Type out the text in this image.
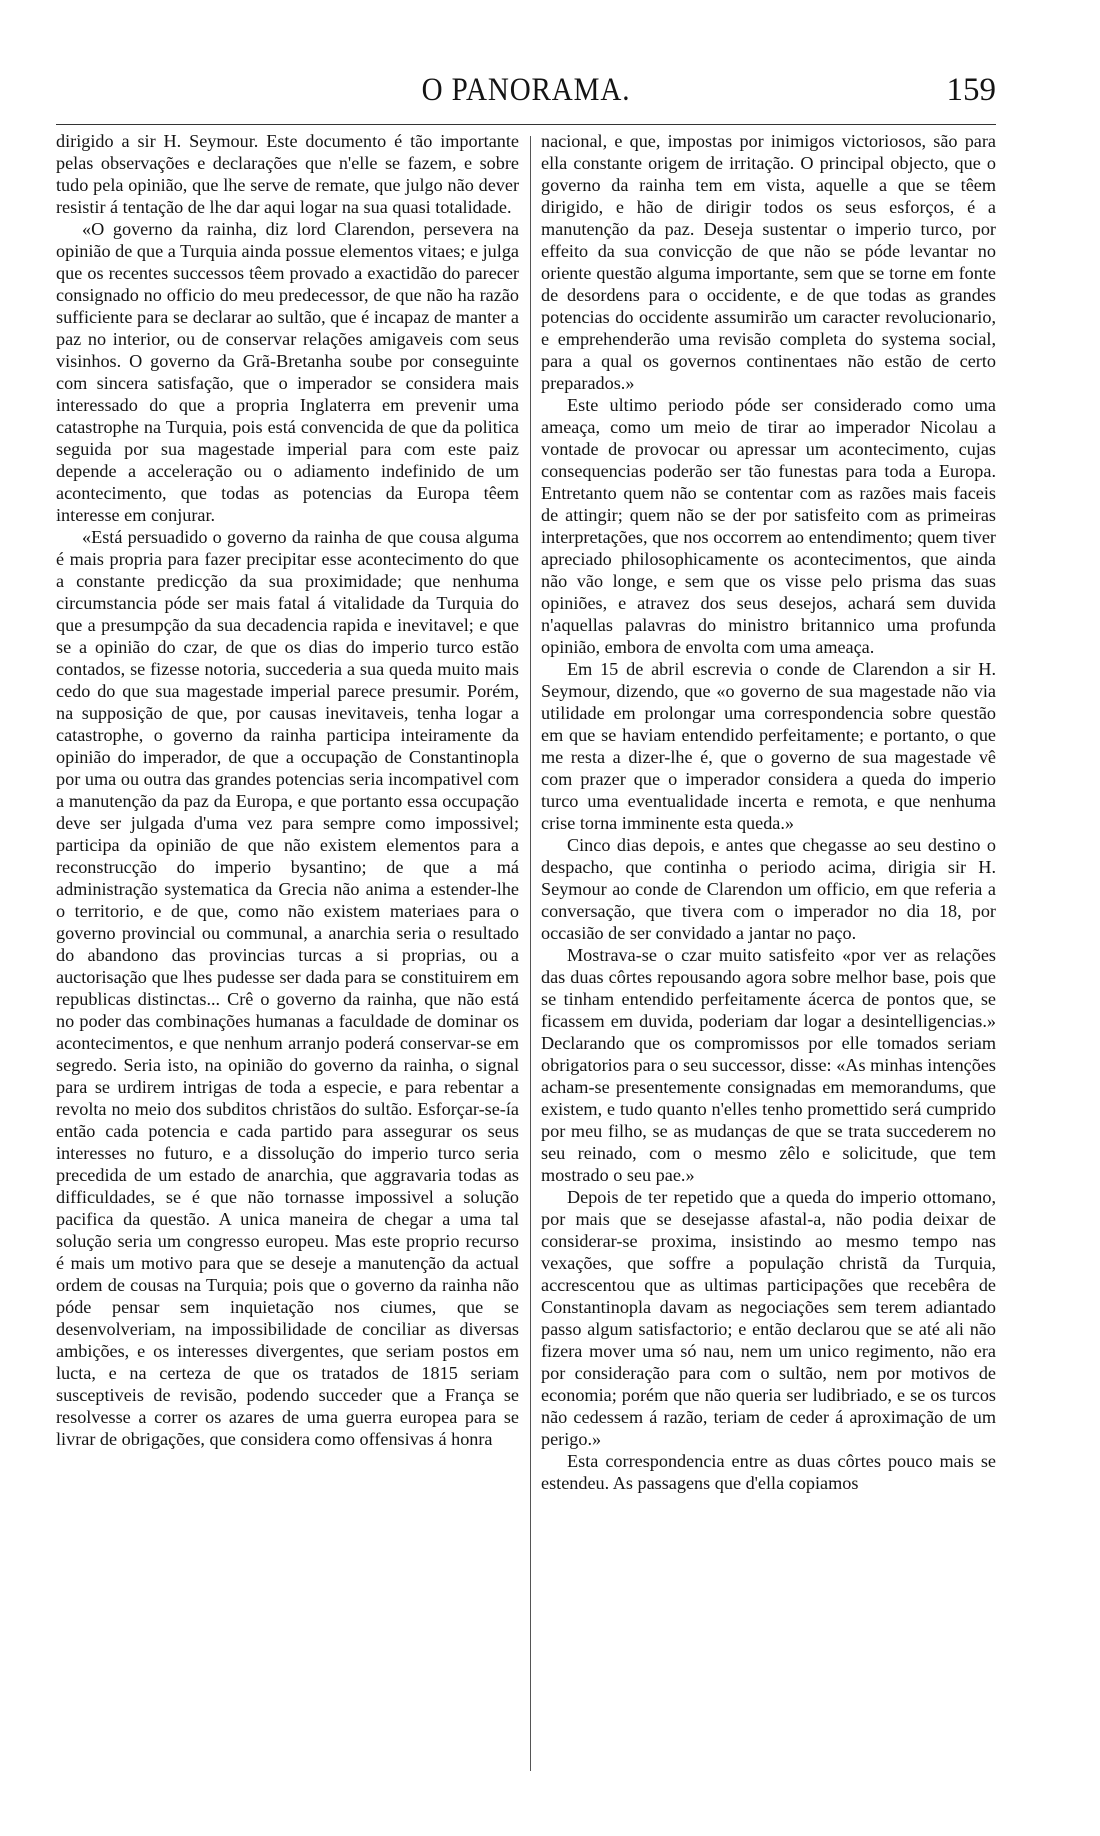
O PANORAMA.	159

dirigido a sir H. Seymour. Este documento é tão importante pelas observações e declarações que n'elle se fazem, e sobre tudo pela opinião, que lhe serve de remate, que julgo não dever resistir á tentação de lhe dar aqui logar na sua quasi totalidade.

«O governo da rainha, diz lord Clarendon, persevera na opinião de que a Turquia ainda possue elementos vitaes; e julga que os recentes successos têem provado a exactidão do parecer consignado no officio do meu predecessor, de que não ha razão sufficiente para se declarar ao sultão, que é incapaz de manter a paz no interior, ou de conservar relações amigaveis com seus visinhos. O governo da Grã-Bretanha soube por conseguinte com sincera satisfação, que o imperador se considera mais interessado do que a propria Inglaterra em prevenir uma catastrophe na Turquia, pois está convencida de que da politica seguida por sua magestade imperial para com este paiz depende a acceleração ou o adiamento indefinido de um acontecimento, que todas as potencias da Europa têem interesse em conjurar.

«Está persuadido o governo da rainha de que cousa alguma é mais propria para fazer precipitar esse acontecimento do que a constante predicção da sua proximidade; que nenhuma circumstancia póde ser mais fatal á vitalidade da Turquia do que a presumpção da sua decadencia rapida e inevitavel; e que se a opinião do czar, de que os dias do imperio turco estão contados, se fizesse notoria, succederia a sua queda muito mais cedo do que sua magestade imperial parece presumir. Porém, na supposição de que, por causas inevitaveis, tenha logar a catastrophe, o governo da rainha participa inteiramente da opinião do imperador, de que a occupação de Constantinopla por uma ou outra das grandes potencias seria incompativel com a manutenção da paz da Europa, e que portanto essa occupação deve ser julgada d'uma vez para sempre como impossivel; participa da opinião de que não existem elementos para a reconstrucção do imperio bysantino; de que a má administração systematica da Grecia não anima a estender-lhe o territorio, e de que, como não existem materiaes para o governo provincial ou communal, a anarchia seria o resultado do abandono das provincias turcas a si proprias, ou a auctorisação que lhes pudesse ser dada para se constituirem em republicas distinctas... Crê o governo da rainha, que não está no poder das combinações humanas a faculdade de dominar os acontecimentos, e que nenhum arranjo poderá conservar-se em segredo. Seria isto, na opinião do governo da rainha, o signal para se urdirem intrigas de toda a especie, e para rebentar a revolta no meio dos subditos christãos do sultão. Esforçar-se-ía então cada potencia e cada partido para assegurar os seus interesses no futuro, e a dissolução do imperio turco seria precedida de um estado de anarchia, que aggravaria todas as difficuldades, se é que não tornasse impossivel a solução pacifica da questão. A unica maneira de chegar a uma tal solução seria um congresso europeu. Mas este proprio recurso é mais um motivo para que se deseje a manutenção da actual ordem de cousas na Turquia; pois que o governo da rainha não póde pensar sem inquietação nos ciumes, que se desenvolveriam, na impossibilidade de conciliar as diversas ambições, e os interesses divergentes, que seriam postos em lucta, e na certeza de que os tratados de 1815 seriam susceptiveis de revisão, podendo succeder que a França se resolvesse a correr os azares de uma guerra europea para se livrar de obrigações, que considera como offensivas á honra

nacional, e que, impostas por inimigos victoriosos, são para ella constante origem de irritação. O principal objecto, que o governo da rainha tem em vista, aquelle a que se têem dirigido, e hão de dirigir todos os seus esforços, é a manutenção da paz. Deseja sustentar o imperio turco, por effeito da sua convicção de que não se póde levantar no oriente questão alguma importante, sem que se torne em fonte de desordens para o occidente, e de que todas as grandes potencias do occidente assumirão um caracter revolucionario, e emprehenderão uma revisão completa do systema social, para a qual os governos continentaes não estão de certo preparados.»

Este ultimo periodo póde ser considerado como uma ameaça, como um meio de tirar ao imperador Nicolau a vontade de provocar ou apressar um acontecimento, cujas consequencias poderão ser tão funestas para toda a Europa. Entretanto quem não se contentar com as razões mais faceis de attingir; quem não se der por satisfeito com as primeiras interpretações, que nos occorrem ao entendimento; quem tiver apreciado philosophicamente os acontecimentos, que ainda não vão longe, e sem que os visse pelo prisma das suas opiniões, e atravez dos seus desejos, achará sem duvida n'aquellas palavras do ministro britannico uma profunda opinião, embora de envolta com uma ameaça.

Em 15 de abril escrevia o conde de Clarendon a sir H. Seymour, dizendo, que «o governo de sua magestade não via utilidade em prolongar uma correspondencia sobre questão em que se haviam entendido perfeitamente; e portanto, o que me resta a dizer-lhe é, que o governo de sua magestade vê com prazer que o imperador considera a queda do imperio turco uma eventualidade incerta e remota, e que nenhuma crise torna imminente esta queda.»

Cinco dias depois, e antes que chegasse ao seu destino o despacho, que continha o periodo acima, dirigia sir H. Seymour ao conde de Clarendon um officio, em que referia a conversação, que tivera com o imperador no dia 18, por occasião de ser convidado a jantar no paço.

Mostrava-se o czar muito satisfeito «por ver as relações das duas côrtes repousando agora sobre melhor base, pois que se tinham entendido perfeitamente ácerca de pontos que, se ficassem em duvida, poderiam dar logar a desintelligencias.» Declarando que os compromissos por elle tomados seriam obrigatorios para o seu successor, disse: «As minhas intenções acham-se presentemente consignadas em memorandums, que existem, e tudo quanto n'elles tenho promettido será cumprido por meu filho, se as mudanças de que se trata succederem no seu reinado, com o mesmo zêlo e solicitude, que tem mostrado o seu pae.»

Depois de ter repetido que a queda do imperio ottomano, por mais que se desejasse afastal-a, não podia deixar de considerar-se proxima, insistindo ao mesmo tempo nas vexações, que soffre a população christã da Turquia, accrescentou que as ultimas participações que recebêra de Constantinopla davam as negociações sem terem adiantado passo algum satisfactorio; e então declarou que se até ali não fizera mover uma só nau, nem um unico regimento, não era por consideração para com o sultão, nem por motivos de economia; porém que não queria ser ludibriado, e se os turcos não cedessem á razão, teriam de ceder á aproximação de um perigo.»

Esta correspondencia entre as duas côrtes pouco mais se estendeu. As passagens que d'ella copiamos
